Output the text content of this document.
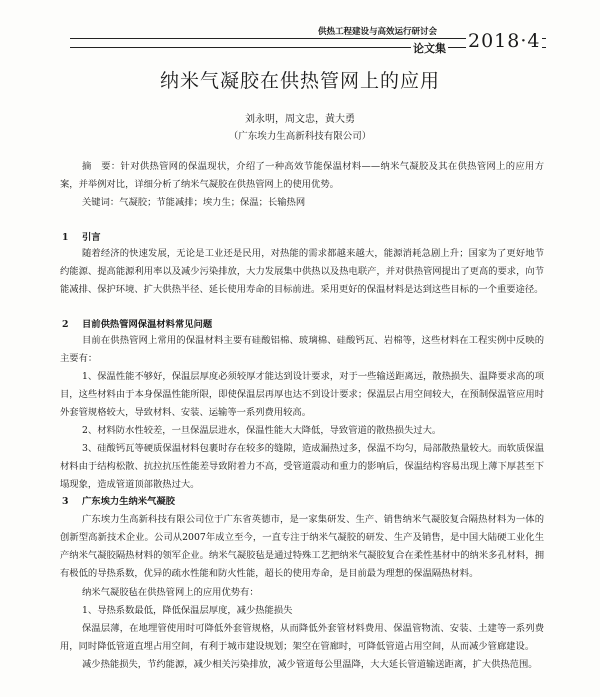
供热工程建设与高效运行研讨会
论文集 2018·4
纳米气凝胶在供热管网上的应用
刘永明，周文忠，黄大勇
（广东埃力生高新科技有限公司）

摘　要：针对供热管网的保温现状，介绍了一种高效节能保温材料——纳米气凝胶及其在供热管网上的应用方案，并举例对比，详细分析了纳米气凝胶在供热管网上的使用优势。

关键词：气凝胶；节能减排；埃力生；保温；长输热网

1 引言

随着经济的快速发展，无论是工业还是民用，对热能的需求都越来越大，能源消耗急剧上升；国家为了更好地节约能源、提高能源利用率以及减少污染排放，大力发展集中供热以及热电联产，并对供热管网提出了更高的要求，向节能减排、保护环境、扩大供热半径、延长使用寿命的目标前进。采用更好的保温材料是达到这些目标的一个重要途径。

2 目前供热管网保温材料常见问题

目前在供热管网上常用的保温材料主要有硅酸铝棉、玻璃棉、硅酸钙瓦、岩棉等，这些材料在工程实例中反映的主要有：

1、保温性能不够好，保温层厚度必须较厚才能达到设计要求，对于一些输送距离远，散热损失、温降要求高的项目，这些材料由于本身保温性能所限，即使保温层再厚也达不到设计要求；保温层占用空间较大，在预制保温管应用时外套管规格较大，导致材料、安装、运输等一系列费用较高。

2、材料防水性较差，一旦保温层进水，保温性能大大降低，导致管道的散热损失过大。

3、硅酸钙瓦等硬质保温材料包裹时存在较多的缝隙，造成漏热过多，保温不均匀，局部散热量较大。而软质保温材料由于结构松散、抗拉抗压性能差导致附着力不高，受管道震动和重力的影响后，保温结构容易出现上薄下厚甚至下塌现象，造成管道顶部散热过大。

3 广东埃力生纳米气凝胶

广东埃力生高新科技有限公司位于广东省英德市，是一家集研发、生产、销售纳米气凝胶复合隔热材料为一体的创新型高新技术企业。公司从2007年成立至今，一直专注于纳米气凝胶的研发、生产及销售，是中国大陆硬工业化生产纳米气凝胶隔热材料的领军企业。纳米气凝胶毡是通过特殊工艺把纳米气凝胶复合在柔性基材中的纳米多孔材料，拥有极低的导热系数，优异的疏水性能和防火性能，超长的使用寿命，是目前最为理想的保温隔热材料。

纳米气凝胶毡在供热管网上的应用优势有：

1、导热系数最低，降低保温层厚度，减少热能损失

保温层薄，在地埋管使用时可降低外套管规格，从而降低外套管材料费用、保温管物流、安装、土建等一系列费用，同时降低管道直埋占用空间，有利于城市建设规划；架空在管廊时，可降低管道占用空间，从而减少管廊建设。

减少热能损失，节约能源，减少相关污染排放，减少管道每公里温降，大大延长管道输送距离，扩大供热范围。
